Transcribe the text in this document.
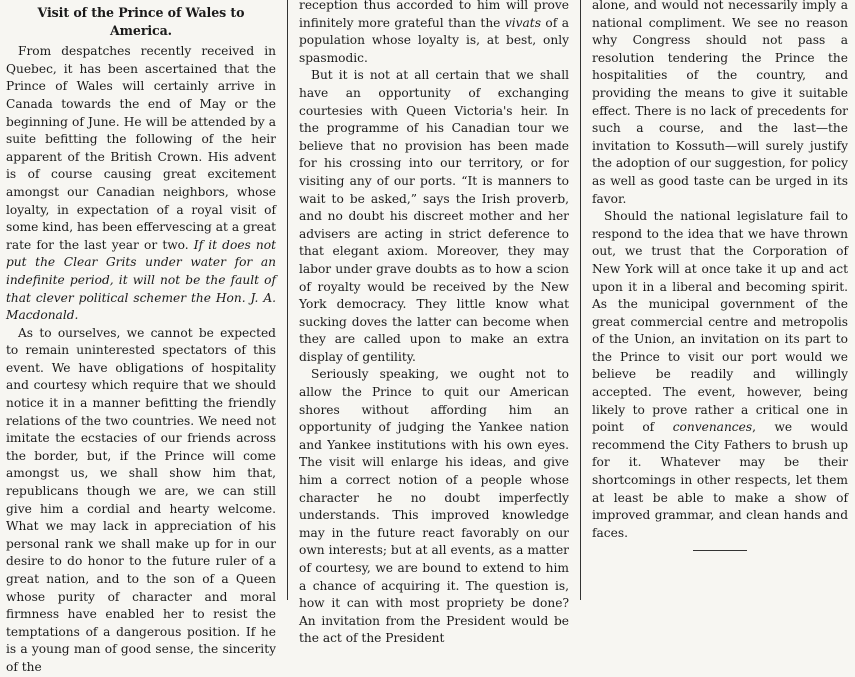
Visit of the Prince of Wales to America.

From despatches recently received in Quebec, it has been ascertained that the Prince of Wales will certainly arrive in Canada towards the end of May or the beginning of June. He will be attended by a suite befitting the following of the heir apparent of the British Crown. His advent is of course causing great excitement amongst our Canadian neighbors, whose loyalty, in expectation of a royal visit of some kind, has been effervescing at a great rate for the last year or two. If it does not put the Clear Grits under water for an indefinite period, it will not be the fault of that clever political schemer the Hon. J. A. Macdonald.

As to ourselves, we cannot be expected to remain uninterested spectators of this event. We have obligations of hospitality and courtesy which require that we should notice it in a manner befitting the friendly relations of the two countries. We need not imitate the ecstacies of our friends across the border, but, if the Prince will come amongst us, we shall show him that, republicans though we are, we can still give him a cordial and hearty welcome. What we may lack in appreciation of his personal rank we shall make up for in our desire to do honor to the future ruler of a great nation, and to the son of a Queen whose purity of character and moral firmness have enabled her to resist the temptations of a dangerous position. If he is a young man of good sense, the sincerity of the

reception thus accorded to him will prove infinitely more grateful than the vivats of a population whose loyalty is, at best, only spasmodic.

But it is not at all certain that we shall have an opportunity of exchanging courtesies with Queen Victoria's heir. In the programme of his Canadian tour we believe that no provision has been made for his crossing into our territory, or for visiting any of our ports. “It is manners to wait to be asked,” says the Irish proverb, and no doubt his discreet mother and her advisers are acting in strict deference to that elegant axiom. Moreover, they may labor under grave doubts as to how a scion of royalty would be received by the New York democracy. They little know what sucking doves the latter can become when they are called upon to make an extra display of gentility.

Seriously speaking, we ought not to allow the Prince to quit our American shores without affording him an opportunity of judging the Yankee nation and Yankee institutions with his own eyes. The visit will enlarge his ideas, and give him a correct notion of a people whose character he no doubt imperfectly understands. This improved knowledge may in the future react favorably on our own interests; but at all events, as a matter of courtesy, we are bound to extend to him a chance of acquiring it. The question is, how it can with most propriety be done? An invitation from the President would be the act of the President

alone, and would not necessarily imply a national compliment. We see no reason why Congress should not pass a resolution tendering the Prince the hospitalities of the country, and providing the means to give it suitable effect. There is no lack of precedents for such a course, and the last—the invitation to Kossuth—will surely justify the adoption of our suggestion, for policy as well as good taste can be urged in its favor.

Should the national legislature fail to respond to the idea that we have thrown out, we trust that the Corporation of New York will at once take it up and act upon it in a liberal and becoming spirit. As the municipal government of the great commercial centre and metropolis of the Union, an invitation on its part to the Prince to visit our port would we believe be readily and willingly accepted. The event, however, being likely to prove rather a critical one in point of convenances, we would recommend the City Fathers to brush up for it. Whatever may be their shortcomings in other respects, let them at least be able to make a show of improved grammar, and clean hands and faces.
